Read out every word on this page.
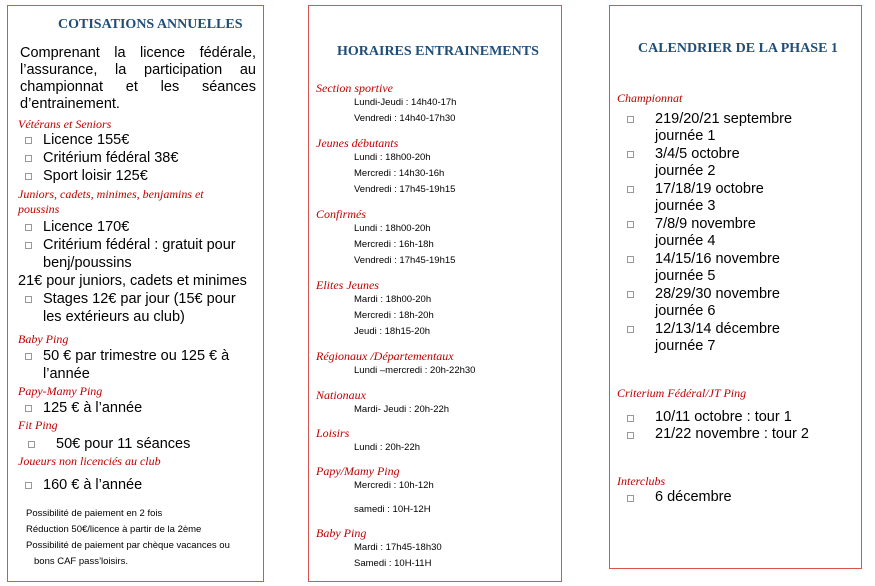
COTISATIONS ANNUELLES
Comprenant la licence fédérale, l’assurance, la participation au championnat et les séances d’entrainement.
Vétérans et Seniors
Licence 155€
Critérium fédéral 38€
Sport loisir 125€
Juniors, cadets, minimes, benjamins et
poussins
Licence 170€
Critérium fédéral : gratuit pour
benj/poussins
21€ pour juniors, cadets et minimes
Stages 12€ par jour (15€ pour
les extérieurs au club)
Baby Ping
50 € par trimestre ou 125 € à
l’année
Papy-Mamy Ping
125 € à l’année
Fit Ping
50€ pour 11 séances
Joueurs non licenciés au club
160 € à l’année
Possibilité de paiement en 2 fois
Réduction 50€/licence à partir de la 2ème
Possibilité de paiement par chèque vacances ou
bons CAF pass’loisirs.
HORAIRES ENTRAINEMENTS
Section sportive
Lundi-Jeudi : 14h40-17h
Vendredi : 14h40-17h30
Jeunes débutants
Lundi : 18h00-20h
Mercredi : 14h30-16h
Vendredi : 17h45-19h15
Confirmés
Lundi : 18h00-20h
Mercredi : 16h-18h
Vendredi : 17h45-19h15
Elites Jeunes
Mardi : 18h00-20h
Mercredi : 18h-20h
Jeudi : 18h15-20h
Régionaux /Départementaux
Lundi –mercredi : 20h-22h30
Nationaux
Mardi- Jeudi : 20h-22h
Loisirs
Lundi : 20h-22h
Papy/Mamy Ping
Mercredi : 10h-12h
samedi : 10H-12H
Baby Ping
Mardi : 17h45-18h30
Samedi : 10H-11H
CALENDRIER DE LA PHASE 1
Championnat
219/20/21 septembre
journée 1
3/4/5 octobre
journée 2
17/18/19 octobre
journée 3
7/8/9 novembre
journée 4
14/15/16 novembre
journée 5
28/29/30 novembre
journée 6
12/13/14 décembre
journée 7
Criterium Fédéral/JT Ping
10/11 octobre : tour 1
21/22 novembre : tour 2
Interclubs
6 décembre
